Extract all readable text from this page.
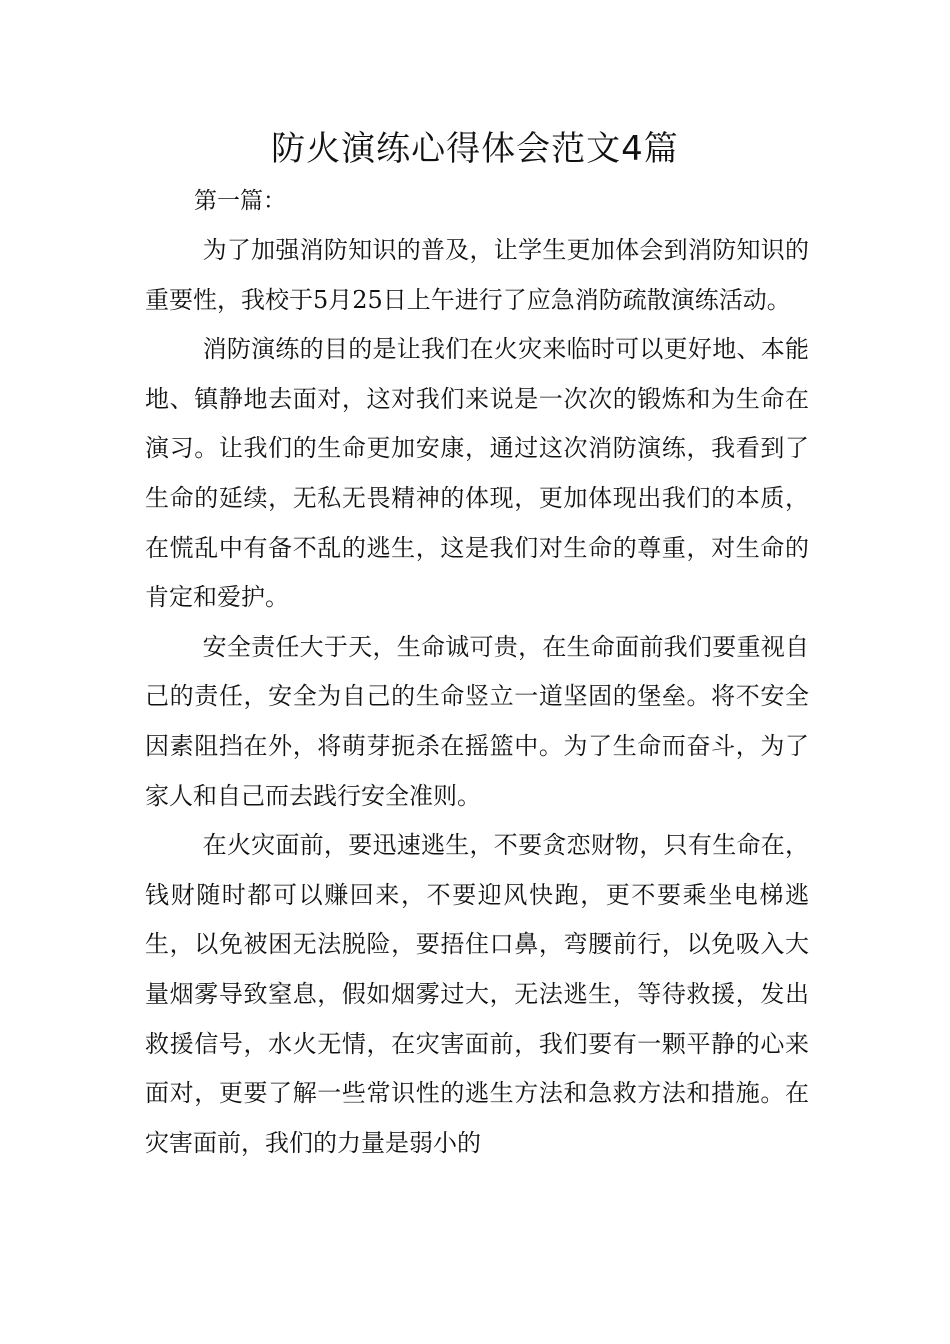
防火演练心得体会范文4篇
第一篇：

为了加强消防知识的普及，让学生更加体会到消防知识的重要性，我校于5月25日上午进行了应急消防疏散演练活动。

消防演练的目的是让我们在火灾来临时可以更好地、本能地、镇静地去面对，这对我们来说是一次次的锻炼和为生命在演习。让我们的生命更加安康，通过这次消防演练，我看到了生命的延续，无私无畏精神的体现，更加体现出我们的本质，在慌乱中有备不乱的逃生，这是我们对生命的尊重，对生命的肯定和爱护。

安全责任大于天，生命诚可贵，在生命面前我们要重视自己的责任，安全为自己的生命竖立一道坚固的堡垒。将不安全因素阻挡在外，将萌芽扼杀在摇篮中。为了生命而奋斗，为了家人和自己而去践行安全准则。

在火灾面前，要迅速逃生，不要贪恋财物，只有生命在，钱财随时都可以赚回来，不要迎风快跑，更不要乘坐电梯逃生，以免被困无法脱险，要捂住口鼻，弯腰前行，以免吸入大量烟雾导致窒息，假如烟雾过大，无法逃生，等待救援，发出救援信号，水火无情，在灾害面前，我们要有一颗平静的心来面对，更要了解一些常识性的逃生方法和急救方法和措施。在灾害面前，我们的力量是弱小的
